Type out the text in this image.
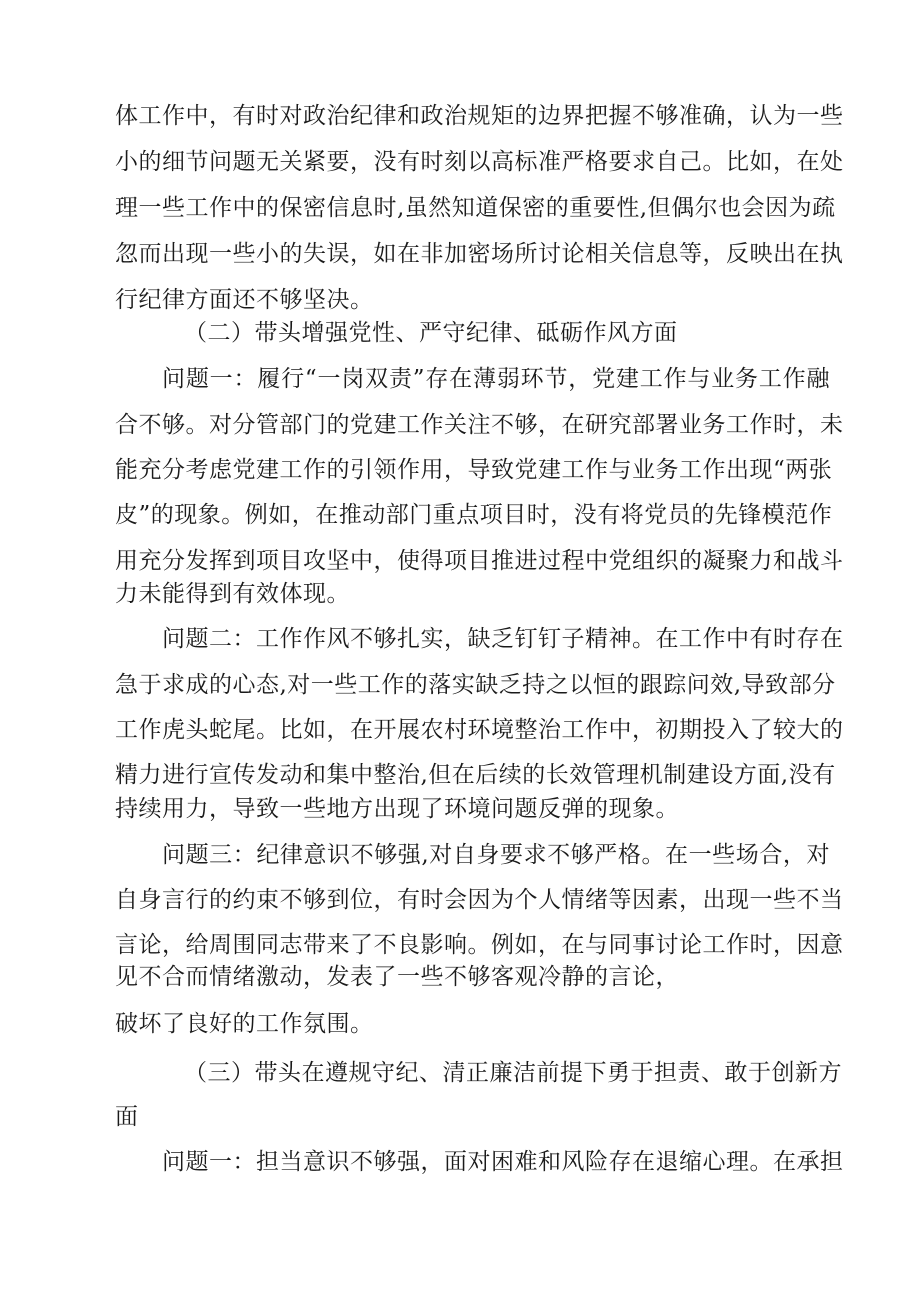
体工作中，有时对政治纪律和政治规矩的边界把握不够准确，认为一些
小的细节问题无关紧要，没有时刻以高标准严格要求自己。比如，在处
理一些工作中的保密信息时,虽然知道保密的重要性,但偶尔也会因为疏
忽而出现一些小的失误，如在非加密场所讨论相关信息等，反映出在执
行纪律方面还不够坚决。
（二）带头增强党性、严守纪律、砥砺作风方面
问题一：履行“一岗双责”存在薄弱环节，党建工作与业务工作融
合不够。对分管部门的党建工作关注不够，在研究部署业务工作时，未
能充分考虑党建工作的引领作用，导致党建工作与业务工作出现“两张
皮”的现象。例如，在推动部门重点项目时，没有将党员的先锋模范作
用充分发挥到项目攻坚中，使得项目推进过程中党组织的凝聚力和战斗
力未能得到有效体现。
问题二：工作作风不够扎实，缺乏钉钉子精神。在工作中有时存在
急于求成的心态,对一些工作的落实缺乏持之以恒的跟踪问效,导致部分
工作虎头蛇尾。比如，在开展农村环境整治工作中，初期投入了较大的
精力进行宣传发动和集中整治,但在后续的长效管理机制建设方面,没有
持续用力，导致一些地方出现了环境问题反弹的现象。
问题三：纪律意识不够强,对自身要求不够严格。在一些场合，对
自身言行的约束不够到位，有时会因为个人情绪等因素，出现一些不当
言论，给周围同志带来了不良影响。例如，在与同事讨论工作时，因意
见不合而情绪激动，发表了一些不够客观冷静的言论，
破坏了良好的工作氛围。
（三）带头在遵规守纪、清正廉洁前提下勇于担责、敢于创新方
面
问题一：担当意识不够强，面对困难和风险存在退缩心理。在承担
